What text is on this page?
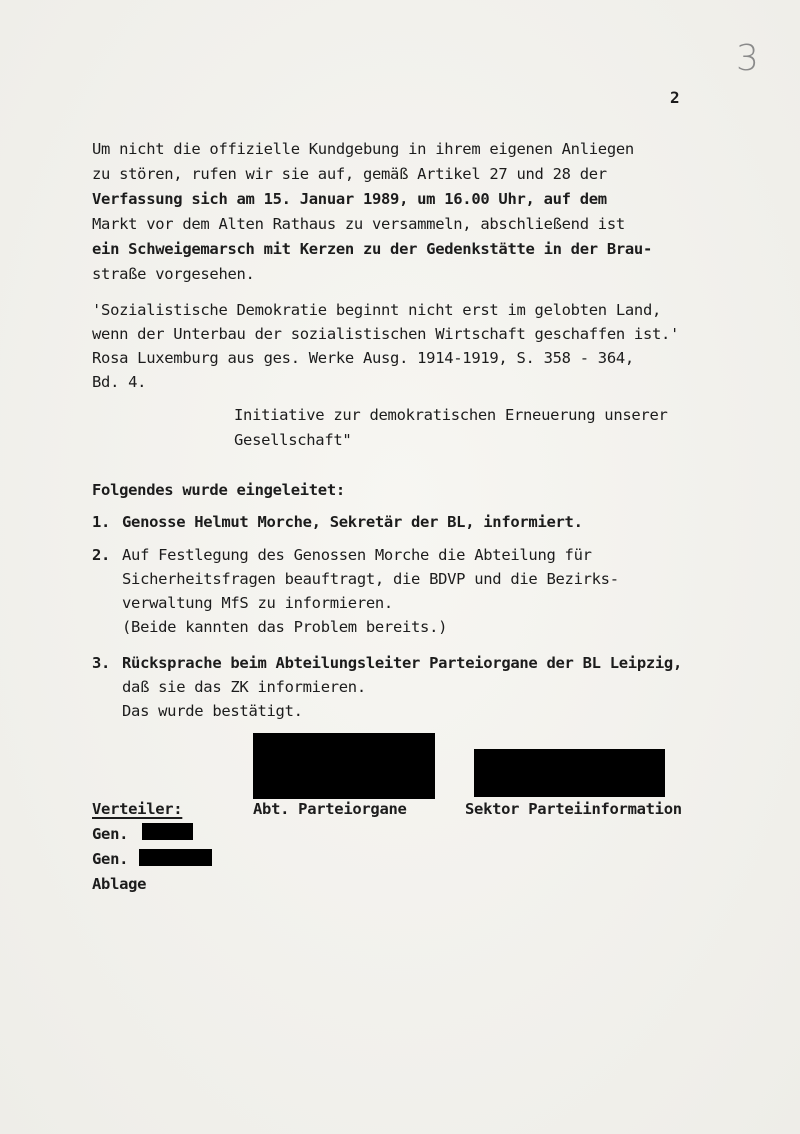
3
2
Um nicht die offizielle Kundgebung in ihrem eigenen Anliegen
zu stören, rufen wir sie auf, gemäß Artikel 27 und 28 der
Verfassung sich am 15. Januar 1989, um 16.00 Uhr, auf dem
Markt vor dem Alten Rathaus zu versammeln, abschließend ist
ein Schweigemarsch mit Kerzen zu der Gedenkstätte in der Brau-
straße vorgesehen.
'Sozialistische Demokratie beginnt nicht erst im gelobten Land,
wenn der Unterbau der sozialistischen Wirtschaft geschaffen ist.'
Rosa Luxemburg aus ges. Werke Ausg. 1914-1919, S. 358 - 364,
Bd. 4.
Initiative zur demokratischen Erneuerung unserer
Gesellschaft"
Folgendes wurde eingeleitet:
1. Genosse Helmut Morche, Sekretär der BL, informiert.
2. Auf Festlegung des Genossen Morche die Abteilung für
Sicherheitsfragen beauftragt, die BDVP und die Bezirks-
verwaltung MfS zu informieren.
(Beide kannten das Problem bereits.)
3. Rücksprache beim Abteilungsleiter Parteiorgane der BL Leipzig,
daß sie das ZK informieren.
Das wurde bestätigt.
Verteiler:	Abt. Parteiorgane	Sektor Parteiinformation
Gen.
Gen.
Ablage
